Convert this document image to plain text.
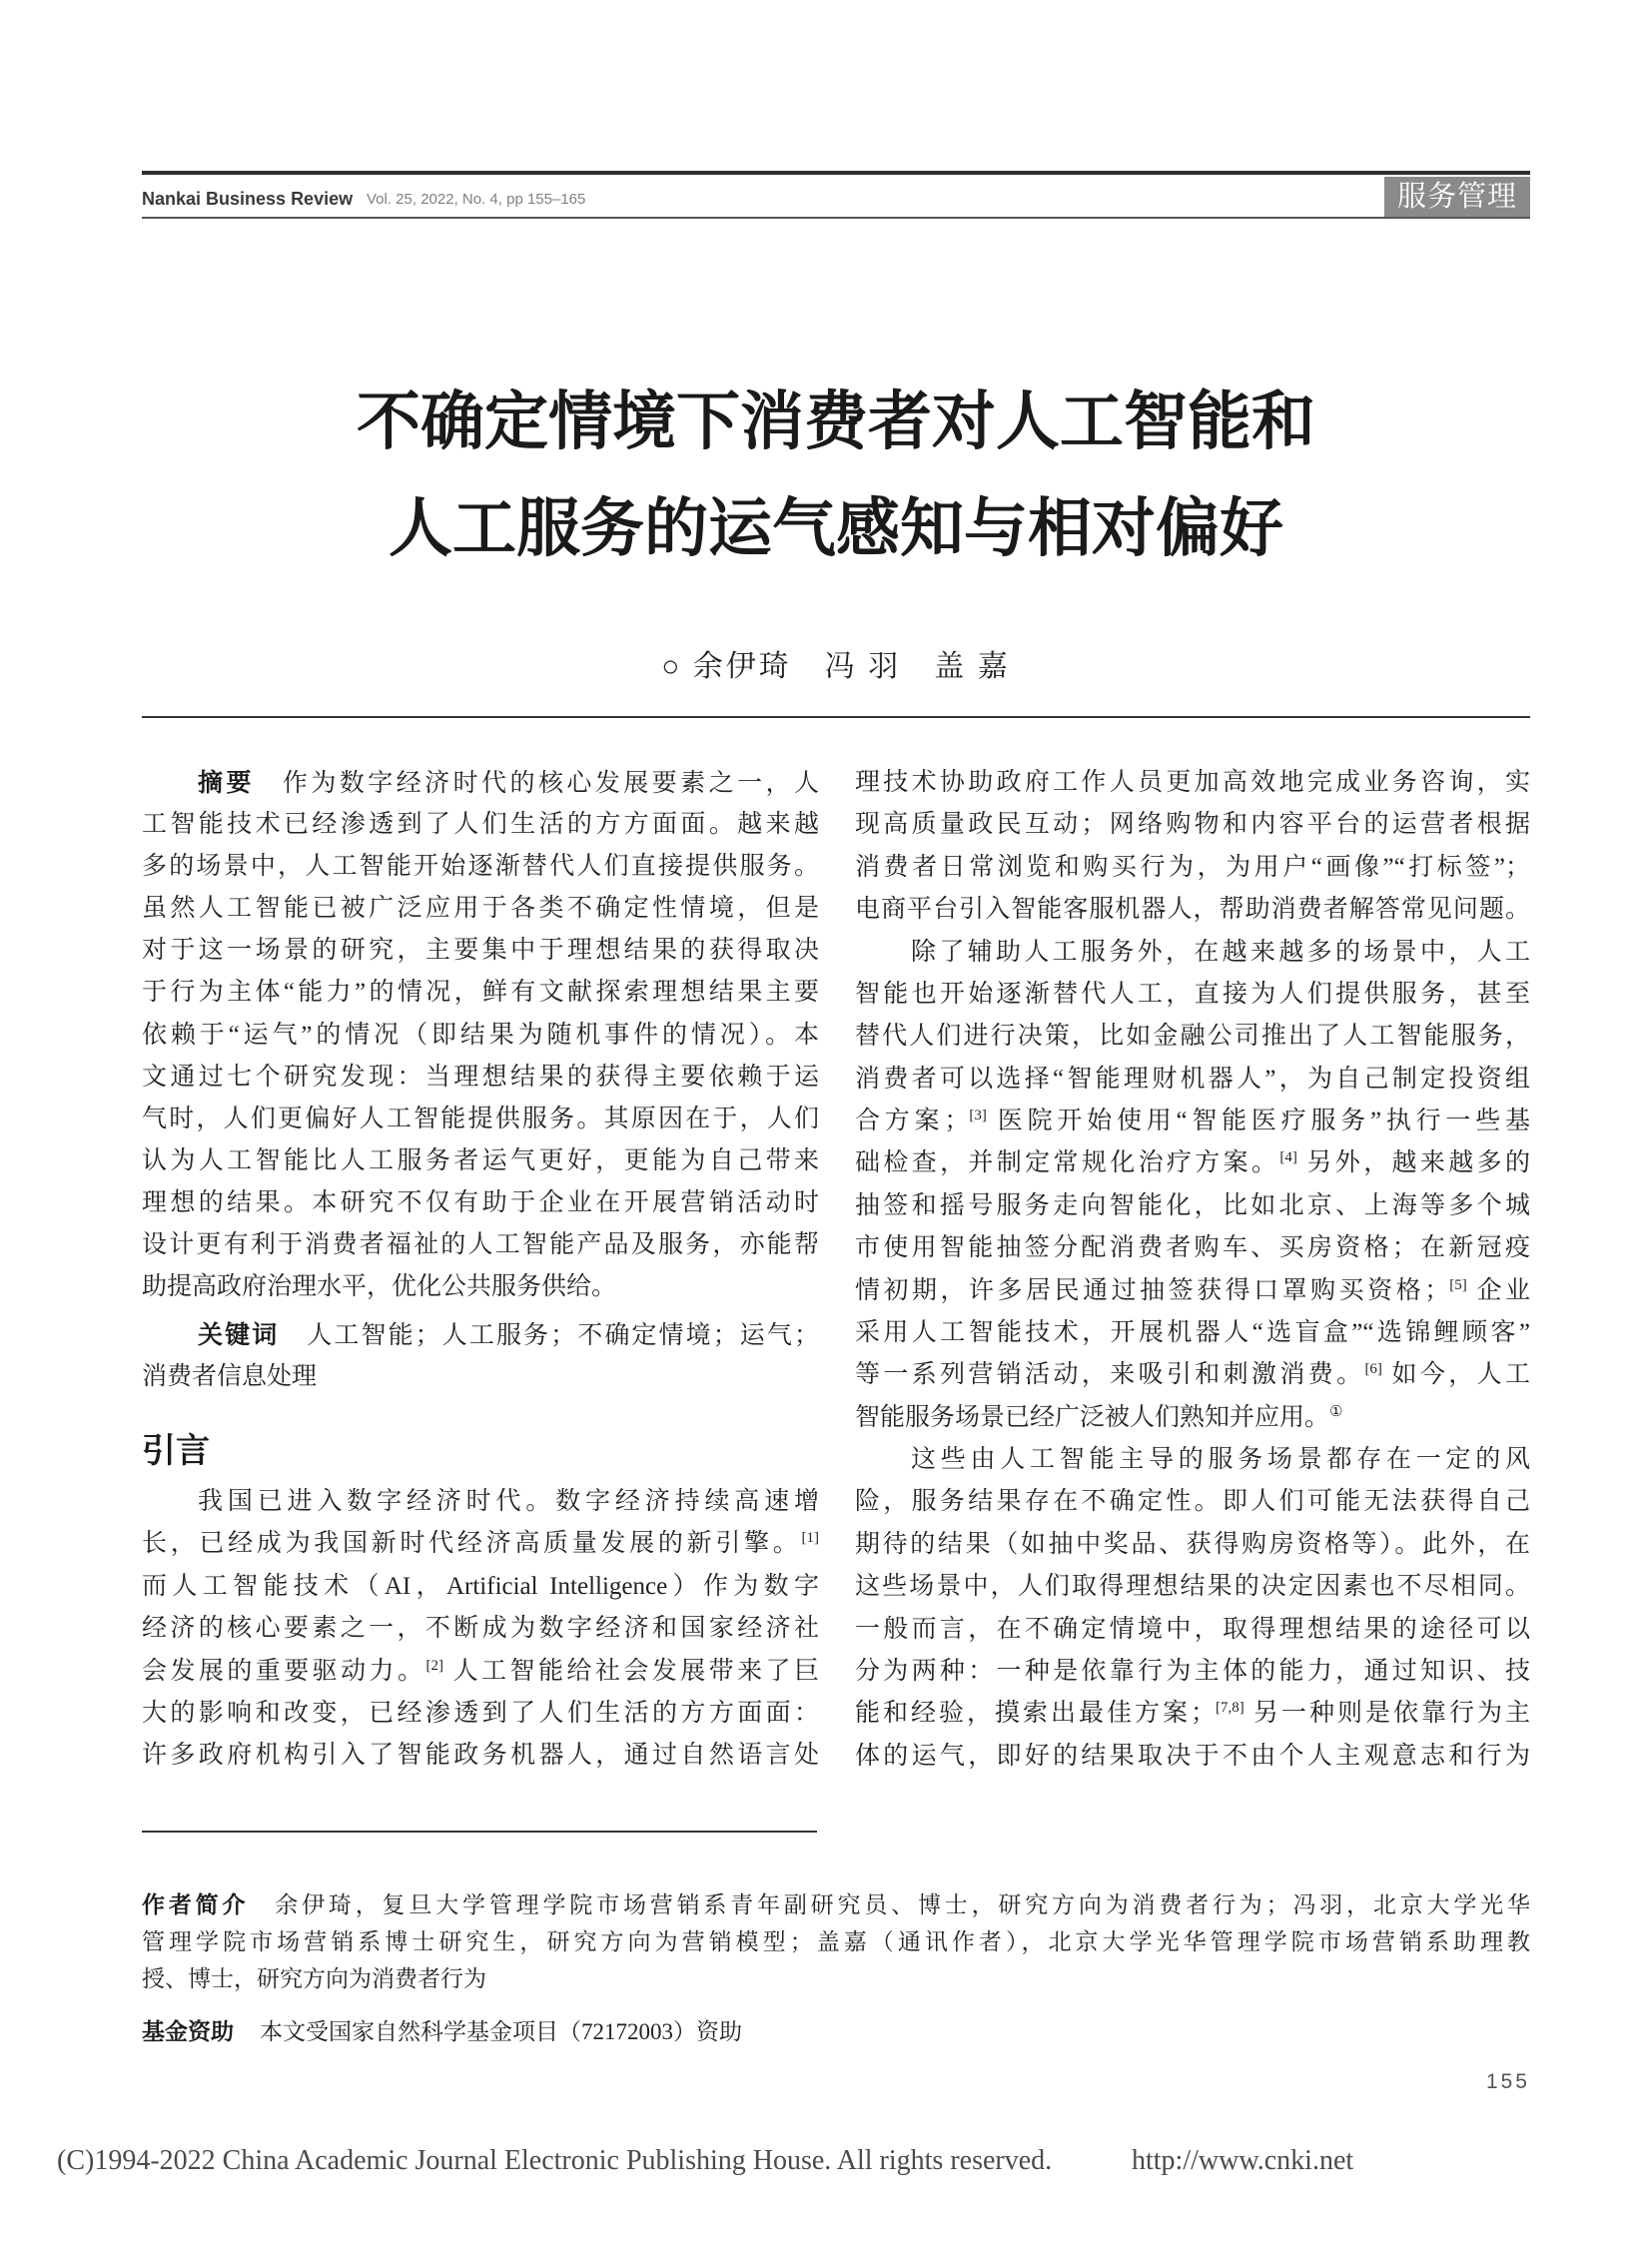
Nankai Business Review Vol. 25, 2022, No. 4, pp 155–165	服务管理
不确定情境下消费者对人工智能和
人工服务的运气感知与相对偏好
○ 余伊琦　冯 羽　盖 嘉
摘要 作为数字经济时代的核心发展要素之一，人
工智能技术已经渗透到了人们生活的方方面面。越来越
多的场景中，人工智能开始逐渐替代人们直接提供服务。
虽然人工智能已被广泛应用于各类不确定性情境，但是
对于这一场景的研究，主要集中于理想结果的获得取决
于行为主体“能力”的情况，鲜有文献探索理想结果主要
依赖于“运气”的情况（即结果为随机事件的情况）。本
文通过七个研究发现：当理想结果的获得主要依赖于运
气时，人们更偏好人工智能提供服务。其原因在于，人们
认为人工智能比人工服务者运气更好，更能为自己带来
理想的结果。本研究不仅有助于企业在开展营销活动时
设计更有利于消费者福祉的人工智能产品及服务，亦能帮
助提高政府治理水平，优化公共服务供给。
关键词 人工智能；人工服务；不确定情境；运气；
消费者信息处理
引言
我国已进入数字经济时代。数字经济持续高速增
长，已经成为我国新时代经济高质量发展的新引擎。[1]
而人工智能技术（AI，Artificial Intelligence）作为数字
经济的核心要素之一，不断成为数字经济和国家经济社
会发展的重要驱动力。[2] 人工智能给社会发展带来了巨
大的影响和改变，已经渗透到了人们生活的方方面面：
许多政府机构引入了智能政务机器人，通过自然语言处
理技术协助政府工作人员更加高效地完成业务咨询，实
现高质量政民互动；网络购物和内容平台的运营者根据
消费者日常浏览和购买行为，为用户“画像”“打标签”；
电商平台引入智能客服机器人，帮助消费者解答常见问题。
除了辅助人工服务外，在越来越多的场景中，人工
智能也开始逐渐替代人工，直接为人们提供服务，甚至
替代人们进行决策，比如金融公司推出了人工智能服务，
消费者可以选择“智能理财机器人”，为自己制定投资组
合方案；[3] 医院开始使用“智能医疗服务”执行一些基
础检查，并制定常规化治疗方案。[4] 另外，越来越多的
抽签和摇号服务走向智能化，比如北京、上海等多个城
市使用智能抽签分配消费者购车、买房资格；在新冠疫
情初期，许多居民通过抽签获得口罩购买资格；[5] 企业
采用人工智能技术，开展机器人“选盲盒”“选锦鲤顾客”
等一系列营销活动，来吸引和刺激消费。[6] 如今，人工
智能服务场景已经广泛被人们熟知并应用。①
这些由人工智能主导的服务场景都存在一定的风
险，服务结果存在不确定性。即人们可能无法获得自己
期待的结果（如抽中奖品、获得购房资格等）。此外，在
这些场景中，人们取得理想结果的决定因素也不尽相同。
一般而言，在不确定情境中，取得理想结果的途径可以
分为两种：一种是依靠行为主体的能力，通过知识、技
能和经验，摸索出最佳方案；[7,8] 另一种则是依靠行为主
体的运气，即好的结果取决于不由个人主观意志和行为
作者简介 余伊琦，复旦大学管理学院市场营销系青年副研究员、博士，研究方向为消费者行为；冯羽，北京大学光华
管理学院市场营销系博士研究生，研究方向为营销模型；盖嘉（通讯作者），北京大学光华管理学院市场营销系助理教
授、博士，研究方向为消费者行为
基金资助 本文受国家自然科学基金项目（72172003）资助
155
(C)1994-2022 China Academic Journal Electronic Publishing House. All rights reserved.	http://www.cnki.net
